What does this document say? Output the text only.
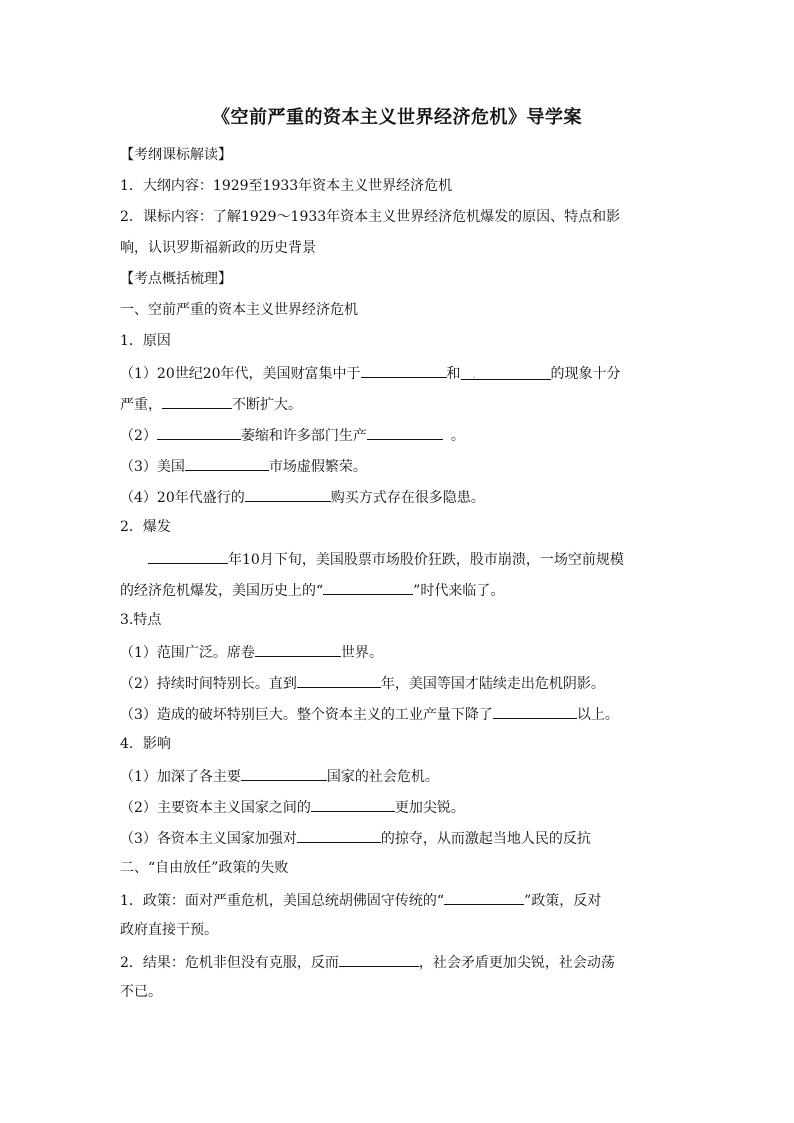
《空前严重的资本主义世界经济危机》导学案
【考纲课标解读】
1．大纲内容：1929至1933年资本主义世界经济危机
2．课标内容：了解1929～1933年资本主义世界经济危机爆发的原因、特点和影
响，认识罗斯福新政的历史背景
【考点概括梳理】
一、空前严重的资本主义世界经济危机
1．原因
（1）20世纪20年代，美国财富集中于	和 .	的现象十分
严重，	不断扩大。
（2）	萎缩和许多部门生产	。
（3）美国	市场虚假繁荣。
（4）20年代盛行的	购买方式存在很多隐患。
2．爆发
年10月下旬，美国股票市场股价狂跌，股市崩溃，一场空前规模
的经济危机爆发，美国历史上的“	”时代来临了。
3.特点
（1）范围广泛。席卷	世界。
（2）持续时间特别长。直到	年，美国等国才陆续走出危机阴影。
（3）造成的破坏特别巨大。整个资本主义的工业产量下降了	以上。
4．影响
（1）加深了各主要	国家的社会危机。
（2）主要资本主义国家之间的	更加尖锐。
（3）各资本主义国家加强对	的掠夺，从而激起当地人民的反抗
二、“自由放任”政策的失败
1．政策：面对严重危机，美国总统胡佛固守传统的“	”政策，反对
政府直接干预。
2．结果：危机非但没有克服，反而	，社会矛盾更加尖锐，社会动荡
不已。
